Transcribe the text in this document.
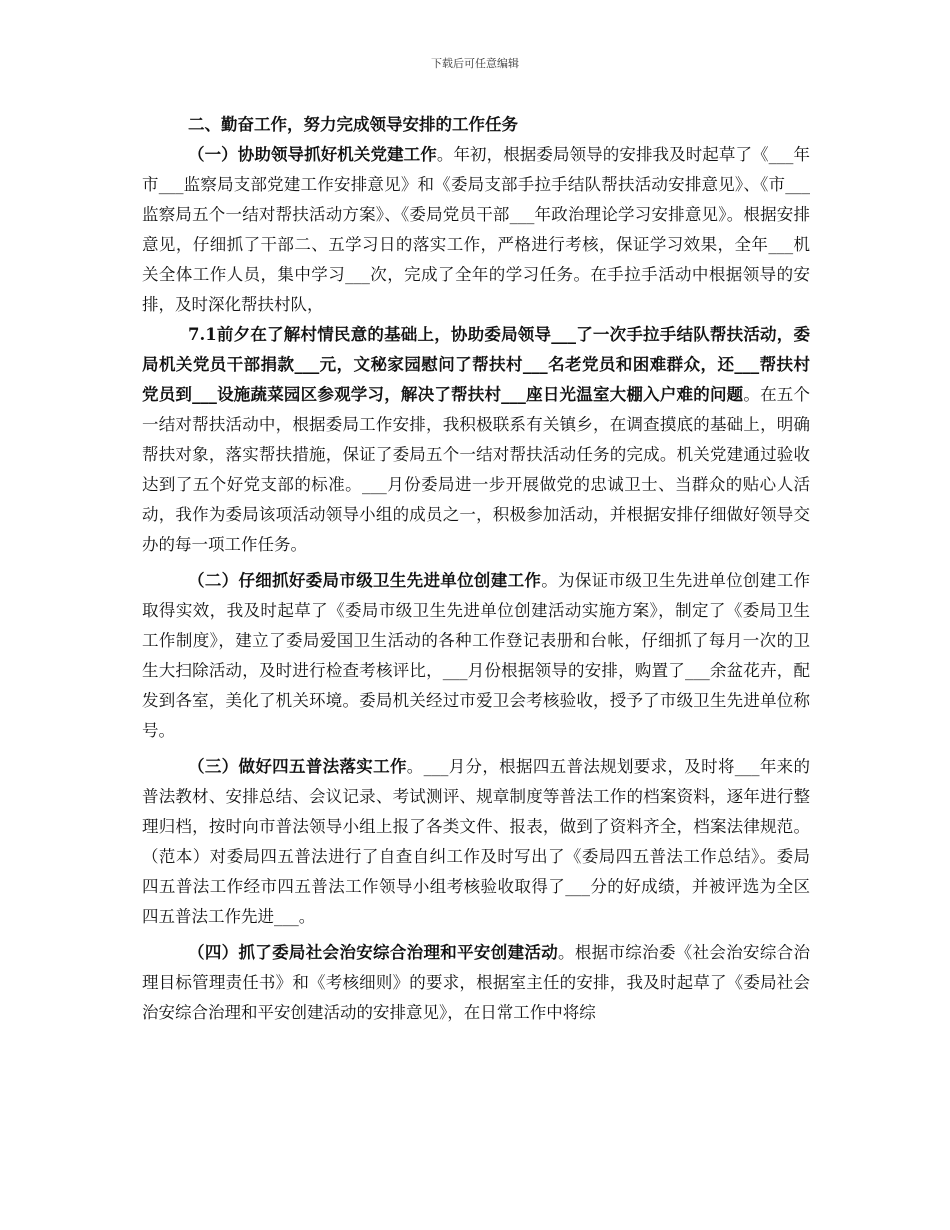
下载后可任意编辑

二、勤奋工作，努力完成领导安排的工作任务

（一）协助领导抓好机关党建工作。年初，根据委局领导的安排我及时起草了《___年市___监察局支部党建工作安排意见》和《委局支部手拉手结队帮扶活动安排意见》、《市___监察局五个一结对帮扶活动方案》、《委局党员干部___年政治理论学习安排意见》。根据安排意见，仔细抓了干部二、五学习日的落实工作，严格进行考核，保证学习效果，全年___机关全体工作人员，集中学习___次，完成了全年的学习任务。在手拉手活动中根据领导的安排，及时深化帮扶村队，

7.1前夕在了解村情民意的基础上，协助委局领导___了一次手拉手结队帮扶活动，委局机关党员干部捐款___元，文秘家园慰问了帮扶村___名老党员和困难群众，还___帮扶村党员到___设施蔬菜园区参观学习，解决了帮扶村___座日光温室大棚入户难的问题。在五个一结对帮扶活动中，根据委局工作安排，我积极联系有关镇乡，在调查摸底的基础上，明确帮扶对象，落实帮扶措施，保证了委局五个一结对帮扶活动任务的完成。机关党建通过验收达到了五个好党支部的标准。___月份委局进一步开展做党的忠诚卫士、当群众的贴心人活动，我作为委局该项活动领导小组的成员之一，积极参加活动，并根据安排仔细做好领导交办的每一项工作任务。

（二）仔细抓好委局市级卫生先进单位创建工作。为保证市级卫生先进单位创建工作取得实效，我及时起草了《委局市级卫生先进单位创建活动实施方案》，制定了《委局卫生工作制度》，建立了委局爱国卫生活动的各种工作登记表册和台帐，仔细抓了每月一次的卫生大扫除活动，及时进行检查考核评比，___月份根据领导的安排，购置了___余盆花卉，配发到各室，美化了机关环境。委局机关经过市爱卫会考核验收，授予了市级卫生先进单位称号。

（三）做好四五普法落实工作。___月分，根据四五普法规划要求，及时将___年来的普法教材、安排总结、会议记录、考试测评、规章制度等普法工作的档案资料，逐年进行整理归档，按时向市普法领导小组上报了各类文件、报表，做到了资料齐全，档案法律规范。（范本）对委局四五普法进行了自查自纠工作及时写出了《委局四五普法工作总结》。委局四五普法工作经市四五普法工作领导小组考核验收取得了___分的好成绩，并被评选为全区四五普法工作先进___。

（四）抓了委局社会治安综合治理和平安创建活动。根据市综治委《社会治安综合治理目标管理责任书》和《考核细则》的要求，根据室主任的安排，我及时起草了《委局社会治安综合治理和平安创建活动的安排意见》，在日常工作中将综
